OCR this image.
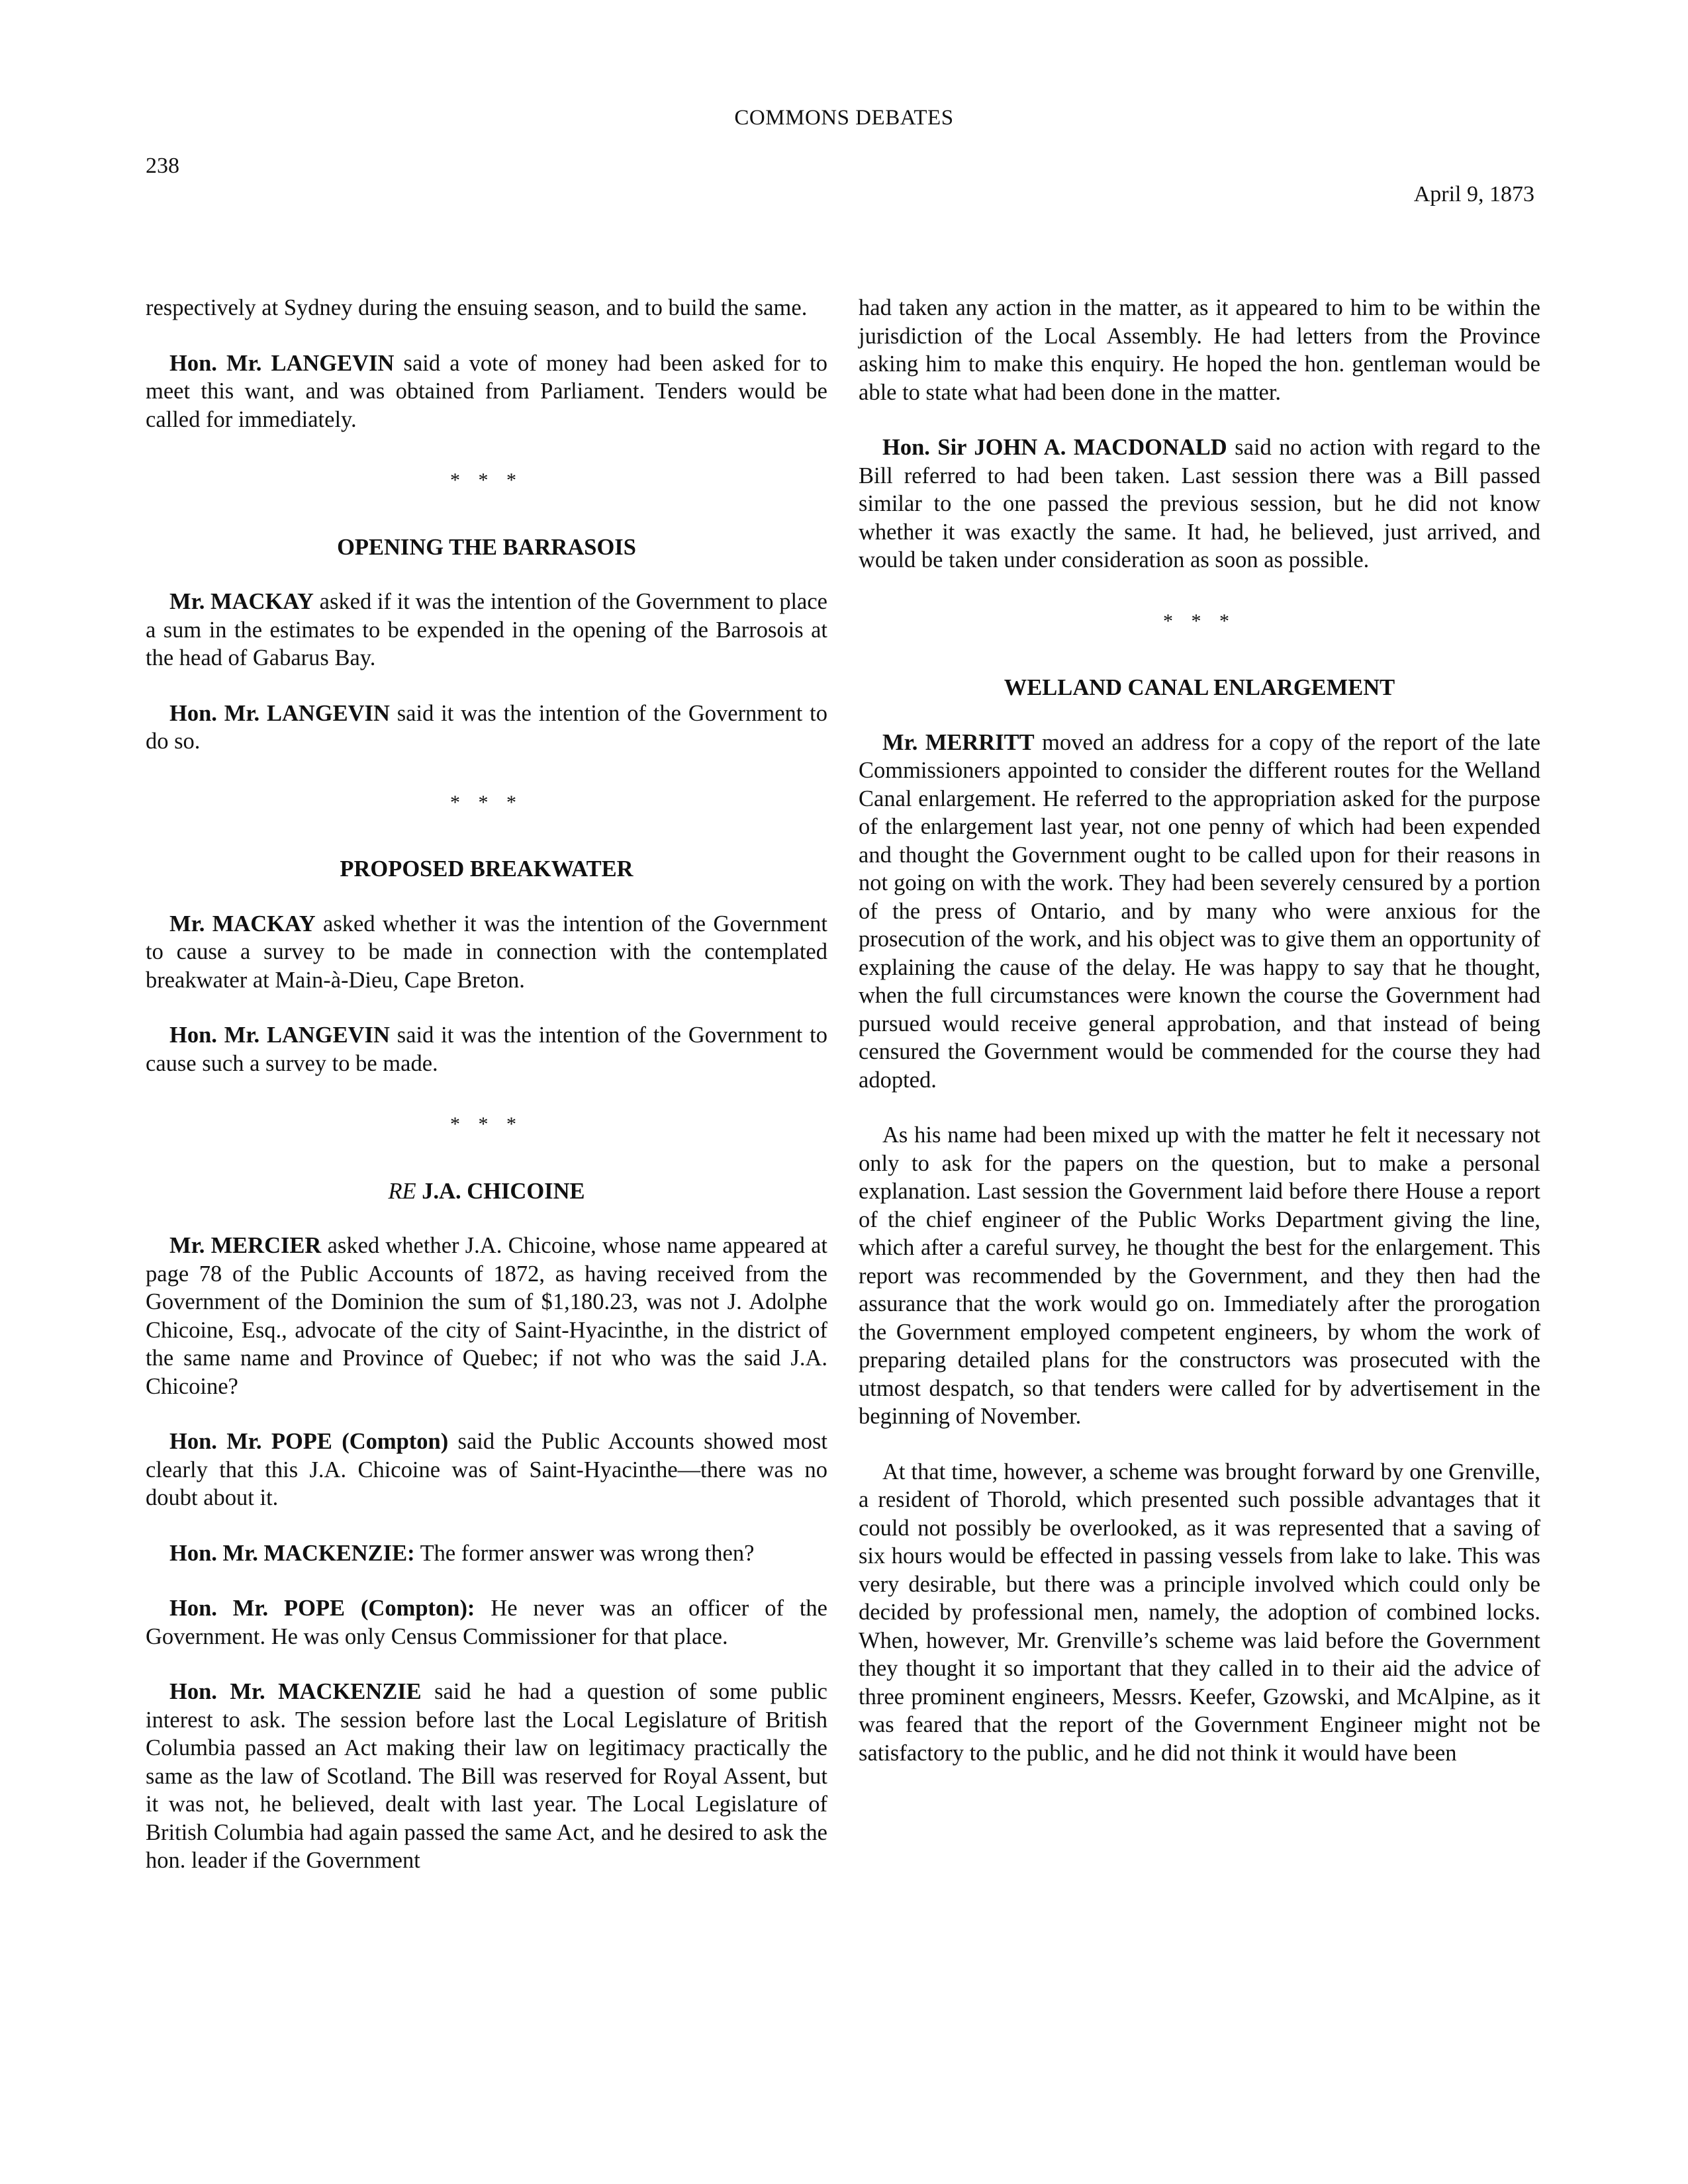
COMMONS DEBATES
238
April 9, 1873

respectively at Sydney during the ensuing season, and to build the same.

Hon. Mr. LANGEVIN said a vote of money had been asked for to meet this want, and was obtained from Parliament. Tenders would be called for immediately.

* * *
OPENING THE BARRASOIS

Mr. MACKAY asked if it was the intention of the Government to place a sum in the estimates to be expended in the opening of the Barrosois at the head of Gabarus Bay.

Hon. Mr. LANGEVIN said it was the intention of the Government to do so.

* * *
PROPOSED BREAKWATER

Mr. MACKAY asked whether it was the intention of the Government to cause a survey to be made in connection with the contemplated breakwater at Main-à-Dieu, Cape Breton.

Hon. Mr. LANGEVIN said it was the intention of the Government to cause such a survey to be made.

* * *
RE J.A. CHICOINE

Mr. MERCIER asked whether J.A. Chicoine, whose name appeared at page 78 of the Public Accounts of 1872, as having received from the Government of the Dominion the sum of $1,180.23, was not J. Adolphe Chicoine, Esq., advocate of the city of Saint-Hyacinthe, in the district of the same name and Province of Quebec; if not who was the said J.A. Chicoine?

Hon. Mr. POPE (Compton) said the Public Accounts showed most clearly that this J.A. Chicoine was of Saint-Hyacinthe—there was no doubt about it.

Hon. Mr. MACKENZIE: The former answer was wrong then?

Hon. Mr. POPE (Compton): He never was an officer of the Government. He was only Census Commissioner for that place.

Hon. Mr. MACKENZIE said he had a question of some public interest to ask. The session before last the Local Legislature of British Columbia passed an Act making their law on legitimacy practically the same as the law of Scotland. The Bill was reserved for Royal Assent, but it was not, he believed, dealt with last year. The Local Legislature of British Columbia had again passed the same Act, and he desired to ask the hon. leader if the Government

had taken any action in the matter, as it appeared to him to be within the jurisdiction of the Local Assembly. He had letters from the Province asking him to make this enquiry. He hoped the hon. gentleman would be able to state what had been done in the matter.

Hon. Sir JOHN A. MACDONALD said no action with regard to the Bill referred to had been taken. Last session there was a Bill passed similar to the one passed the previous session, but he did not know whether it was exactly the same. It had, he believed, just arrived, and would be taken under consideration as soon as possible.

* * *
WELLAND CANAL ENLARGEMENT

Mr. MERRITT moved an address for a copy of the report of the late Commissioners appointed to consider the different routes for the Welland Canal enlargement. He referred to the appropriation asked for the purpose of the enlargement last year, not one penny of which had been expended and thought the Government ought to be called upon for their reasons in not going on with the work. They had been severely censured by a portion of the press of Ontario, and by many who were anxious for the prosecution of the work, and his object was to give them an opportunity of explaining the cause of the delay. He was happy to say that he thought, when the full circumstances were known the course the Government had pursued would receive general approbation, and that instead of being censured the Government would be commended for the course they had adopted.

As his name had been mixed up with the matter he felt it necessary not only to ask for the papers on the question, but to make a personal explanation. Last session the Government laid before there House a report of the chief engineer of the Public Works Department giving the line, which after a careful survey, he thought the best for the enlargement. This report was recommended by the Government, and they then had the assurance that the work would go on. Immediately after the prorogation the Government employed competent engineers, by whom the work of preparing detailed plans for the constructors was prosecuted with the utmost despatch, so that tenders were called for by advertisement in the beginning of November.

At that time, however, a scheme was brought forward by one Grenville, a resident of Thorold, which presented such possible advantages that it could not possibly be overlooked, as it was represented that a saving of six hours would be effected in passing vessels from lake to lake. This was very desirable, but there was a principle involved which could only be decided by professional men, namely, the adoption of combined locks. When, however, Mr. Grenville’s scheme was laid before the Government they thought it so important that they called in to their aid the advice of three prominent engineers, Messrs. Keefer, Gzowski, and McAlpine, as it was feared that the report of the Government Engineer might not be satisfactory to the public, and he did not think it would have been
